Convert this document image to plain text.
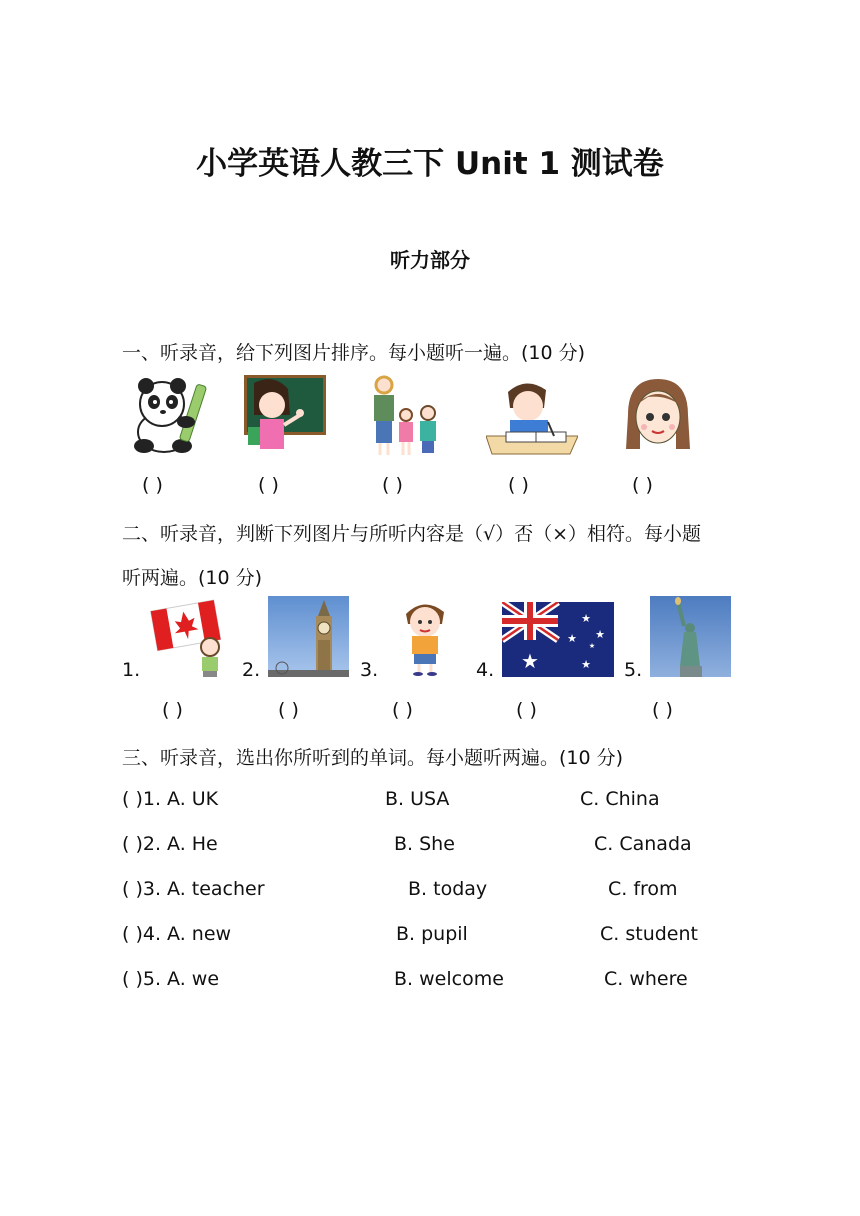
小学英语人教三下 Unit 1 测试卷
听力部分
一、听录音，给下列图片排序。每小题听一遍。(10 分)
( )	( )	( )	( )	( )
二、听录音，判断下列图片与所听内容是（√）否（×）相符。每小题
听两遍。(10 分)
1.	2.	3.	4. ★
★
★ ★
★
★
5.
( )	( )	( )	( )	( )
三、听录音，选出你所听到的单词。每小题听两遍。(10 分)
( )1. A. UK	B. USA	C. China
( )2. A. He	B. She	C. Canada
( )3. A. teacher	B. today	C. from
( )4. A. new	B. pupil	C. student
( )5. A. we	B. welcome	C. where
